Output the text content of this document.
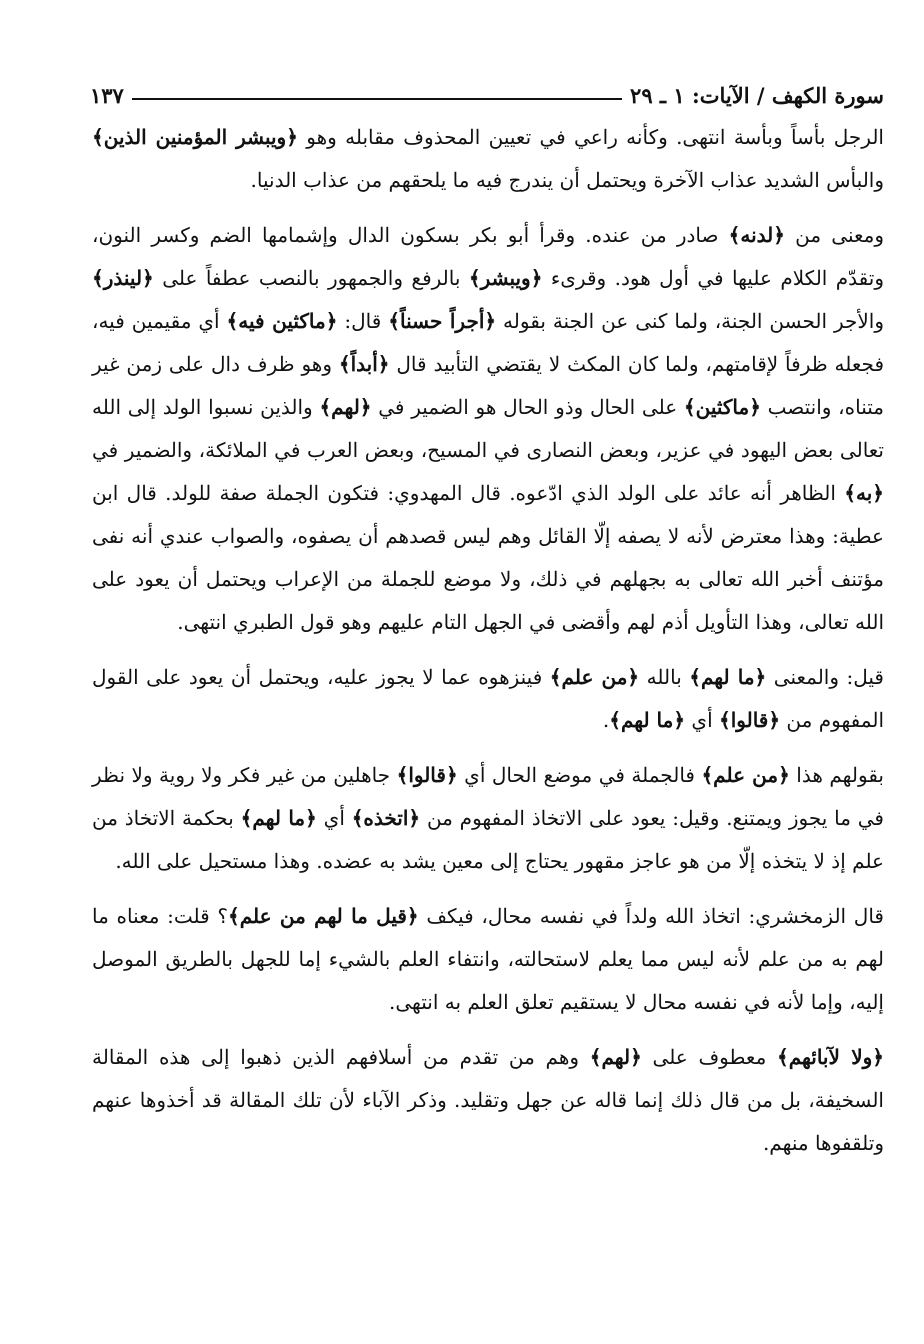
١٣٧	سورة الكهف / الآيات: ١ ـ ٢٩

الرجل بأساً وبأسة انتهى. وكأنه راعي في تعيين المحذوف مقابله وهو ﴿ويبشر المؤمنين الذين﴾ والبأس الشديد عذاب الآخرة ويحتمل أن يندرج فيه ما يلحقهم من عذاب الدنيا.

ومعنى من ﴿لدنه﴾ صادر من عنده. وقرأ أبو بكر بسكون الدال وإشمامها الضم وكسر النون، وتقدّم الكلام عليها في أول هود. وقرىء ﴿ويبشر﴾ بالرفع والجمهور بالنصب عطفاً على ﴿لينذر﴾ والأجر الحسن الجنة، ولما كنى عن الجنة بقوله ﴿أجراً حسناً﴾ قال: ﴿ماكثين فيه﴾ أي مقيمين فيه، فجعله ظرفاً لإقامتهم، ولما كان المكث لا يقتضي التأبيد قال ﴿أبداً﴾ وهو ظرف دال على زمن غير متناه، وانتصب ﴿ماكثين﴾ على الحال وذو الحال هو الضمير في ﴿لهم﴾ والذين نسبوا الولد إلى الله تعالى بعض اليهود في عزير، وبعض النصارى في المسيح، وبعض العرب في الملائكة، والضمير في ﴿به﴾ الظاهر أنه عائد على الولد الذي ادّعوه. قال المهدوي: فتكون الجملة صفة للولد. قال ابن عطية: وهذا معترض لأنه لا يصفه إلّا القائل وهم ليس قصدهم أن يصفوه، والصواب عندي أنه نفى مؤتنف أخبر الله تعالى به بجهلهم في ذلك، ولا موضع للجملة من الإعراب ويحتمل أن يعود على الله تعالى، وهذا التأويل أذم لهم وأقضى في الجهل التام عليهم وهو قول الطبري انتهى.

قيل: والمعنى ﴿ما لهم﴾ بالله ﴿من علم﴾ فينزهوه عما لا يجوز عليه، ويحتمل أن يعود على القول المفهوم من ﴿قالوا﴾ أي ﴿ما لهم﴾.

بقولهم هذا ﴿من علم﴾ فالجملة في موضع الحال أي ﴿قالوا﴾ جاهلين من غير فكر ولا روية ولا نظر في ما يجوز ويمتنع. وقيل: يعود على الاتخاذ المفهوم من ﴿اتخذه﴾ أي ﴿ما لهم﴾ بحكمة الاتخاذ من علم إذ لا يتخذه إلّا من هو عاجز مقهور يحتاج إلى معين يشد به عضده. وهذا مستحيل على الله.

قال الزمخشري: اتخاذ الله ولداً في نفسه محال، فيكف ﴿قيل ما لهم من علم﴾؟ قلت: معناه ما لهم به من علم لأنه ليس مما يعلم لاستحالته، وانتفاء العلم بالشيء إما للجهل بالطريق الموصل إليه، وإما لأنه في نفسه محال لا يستقيم تعلق العلم به انتهى.

﴿ولا لآبائهم﴾ معطوف على ﴿لهم﴾ وهم من تقدم من أسلافهم الذين ذهبوا إلى هذه المقالة السخيفة، بل من قال ذلك إنما قاله عن جهل وتقليد. وذكر الآباء لأن تلك المقالة قد أخذوها عنهم وتلقفوها منهم.
